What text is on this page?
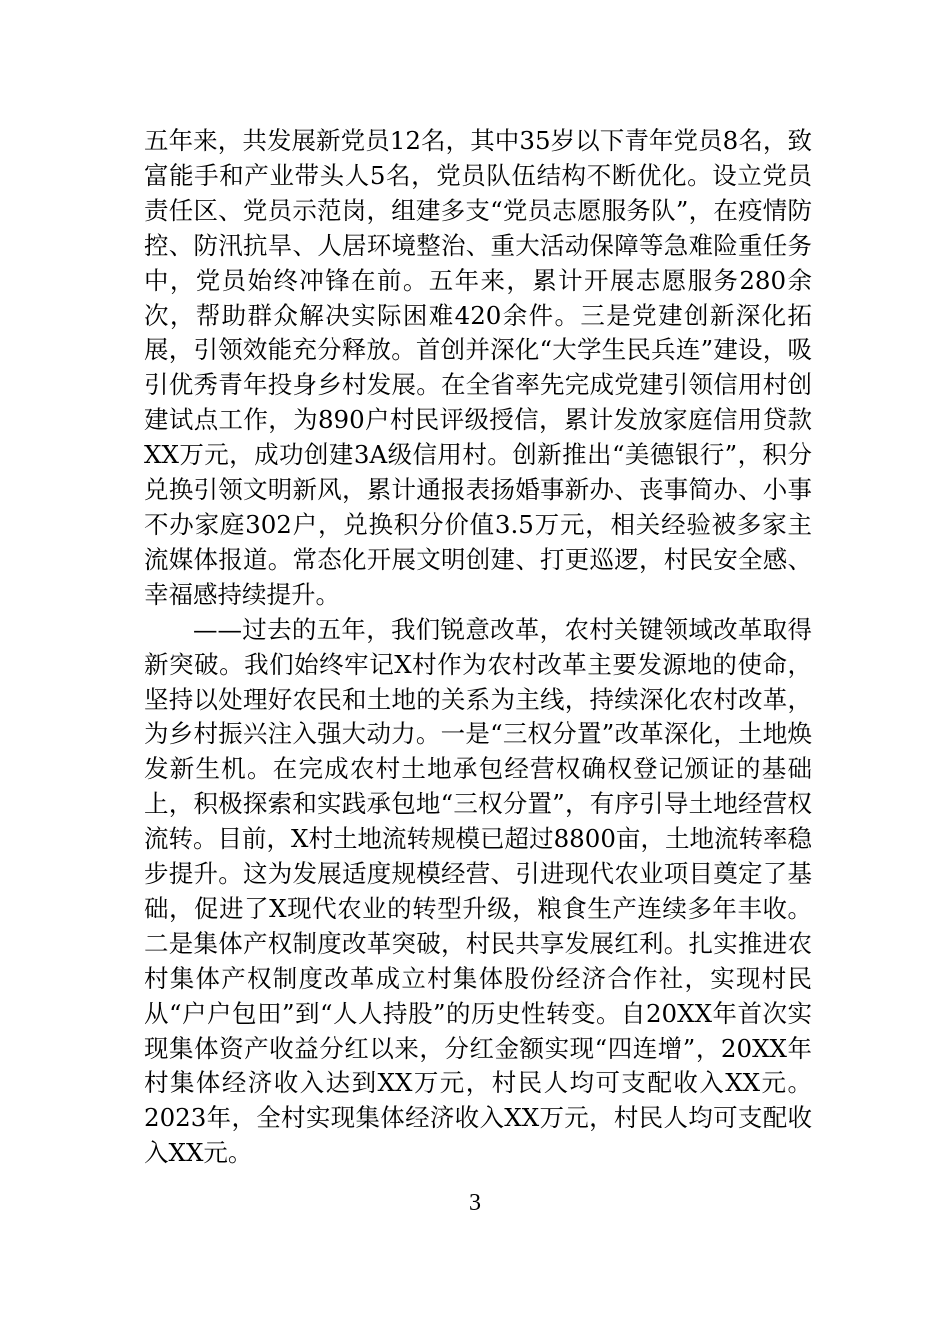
五年来，共发展新党员12名，其中35岁以下青年党员8名，致富能手和产业带头人5名，党员队伍结构不断优化。设立党员责任区、党员示范岗，组建多支“党员志愿服务队”，在疫情防控、防汛抗旱、人居环境整治、重大活动保障等急难险重任务中，党员始终冲锋在前。五年来，累计开展志愿服务280余次，帮助群众解决实际困难420余件。三是党建创新深化拓展，引领效能充分释放。首创并深化“大学生民兵连”建设，吸引优秀青年投身乡村发展。在全省率先完成党建引领信用村创建试点工作，为890户村民评级授信，累计发放家庭信用贷款XX万元，成功创建3A级信用村。创新推出“美德银行”，积分兑换引领文明新风，累计通报表扬婚事新办、丧事简办、小事不办家庭302户，兑换积分价值3.5万元，相关经验被多家主流媒体报道。常态化开展文明创建、打更巡逻，村民安全感、幸福感持续提升。

——过去的五年，我们锐意改革，农村关键领域改革取得新突破。我们始终牢记X村作为农村改革主要发源地的使命，坚持以处理好农民和土地的关系为主线，持续深化农村改革，为乡村振兴注入强大动力。一是“三权分置”改革深化，土地焕发新生机。在完成农村土地承包经营权确权登记颁证的基础上，积极探索和实践承包地“三权分置”，有序引导土地经营权流转。目前，X村土地流转规模已超过8800亩，土地流转率稳步提升。这为发展适度规模经营、引进现代农业项目奠定了基础，促进了X现代农业的转型升级，粮食生产连续多年丰收。二是集体产权制度改革突破，村民共享发展红利。扎实推进农村集体产权制度改革成立村集体股份经济合作社，实现村民从“户户包田”到“人人持股”的历史性转变。自20XX年首次实现集体资产收益分红以来，分红金额实现“四连增”，20XX年村集体经济收入达到XX万元，村民人均可支配收入XX元。2023年，全村实现集体经济收入XX万元，村民人均可支配收入XX元。

3
